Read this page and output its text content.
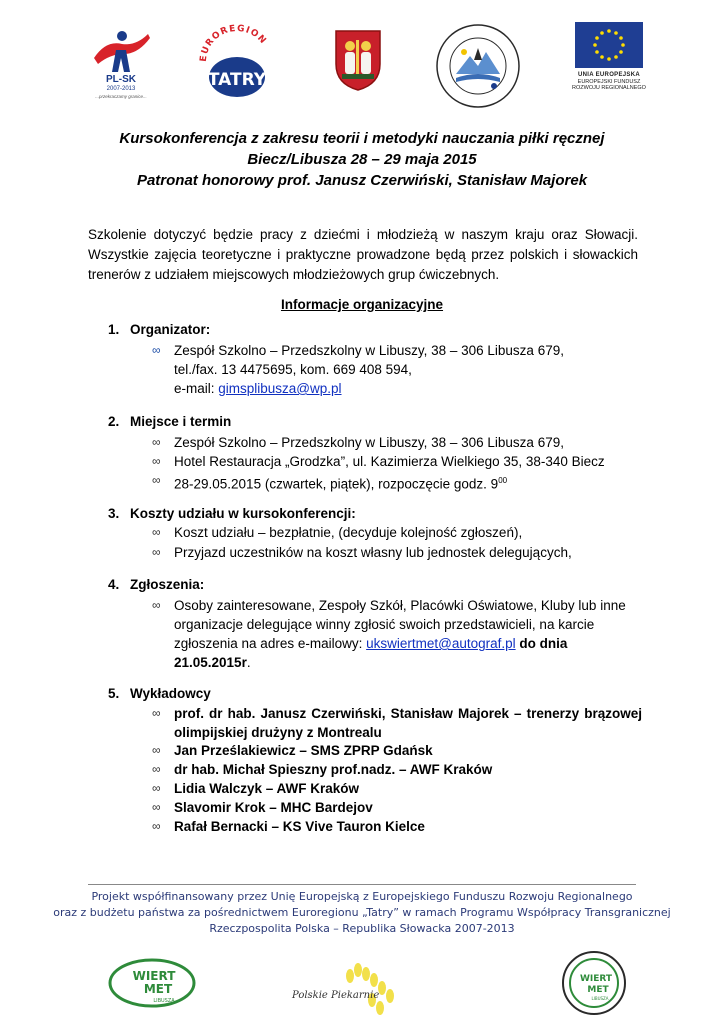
PL-SK
2007-2013
...przekraczamy granice...
EUROREGION
TATRY	UNIA EUROPEJSKA
EUROPEJSKI FUNDUSZ
ROZWOJU REGIONALNEGO
Kursokonferencja z zakresu teorii i metodyki nauczania piłki ręcznej
Biecz/Libusza 28 – 29 maja 2015
Patronat honorowy prof. Janusz Czerwiński, Stanisław Majorek
Szkolenie dotyczyć będzie pracy z dziećmi i młodzieżą w naszym kraju oraz Słowacji. Wszystkie zajęcia teoretyczne i praktyczne prowadzone będą przez polskich i słowackich trenerów z udziałem miejscowych młodzieżowych grup ćwiczebnych.
Informacje organizacyjne
1. Organizator:
∞ Zespół Szkolno – Przedszkolny w Libuszy, 38 – 306 Libusza 679,
tel./fax. 13 4475695, kom. 669 408 594,
e-mail: gimsplibusza@wp.pl
2. Miejsce i termin
∞ Zespół Szkolno – Przedszkolny w Libuszy, 38 – 306 Libusza 679,
∞ Hotel Restauracja „Grodzka”, ul. Kazimierza Wielkiego 35, 38-340 Biecz
∞ 28-29.05.2015 (czwartek, piątek), rozpoczęcie godz. $9^{00}$
3. Koszty udziału w kursokonferencji:
∞ Koszt udziału – bezpłatnie, (decyduje kolejność zgłoszeń),
∞ Przyjazd uczestników na koszt własny lub jednostek delegujących,
4. Zgłoszenia:
∞ Osoby zainteresowane, Zespoły Szkół, Placówki Oświatowe, Kluby lub inne
organizacje delegujące winny zgłosić swoich przedstawicieli, na karcie
zgłoszenia na adres e-mailowy: ukswiertmet@autograf.pl do dnia
21.05.2015r.
5. Wykładowcy
∞ prof. dr hab. Janusz Czerwiński, Stanisław Majorek – trenerzy brązowej olimpijskiej drużyny z Montrealu
∞ Jan Prześlakiewicz – SMS ZPRP Gdańsk
∞ dr hab. Michał Spieszny prof.nadz. – AWF Kraków
∞ Lidia Walczyk – AWF Kraków
∞ Slavomir Krok – MHC Bardejov
∞ Rafał Bernacki – KS Vive Tauron Kielce
Projekt współfinansowany przez Unię Europejską z Europejskiego Funduszu Rozwoju Regionalnego
oraz z budżetu państwa za pośrednictwem Euroregionu „Tatry” w ramach Programu Współpracy Transgranicznej
Rzeczpospolita Polska – Republika Słowacka 2007-2013
WIERT
MET
LIBUSZA	Polskie Piekarnie
WIERT
MET
LIBUSZA
